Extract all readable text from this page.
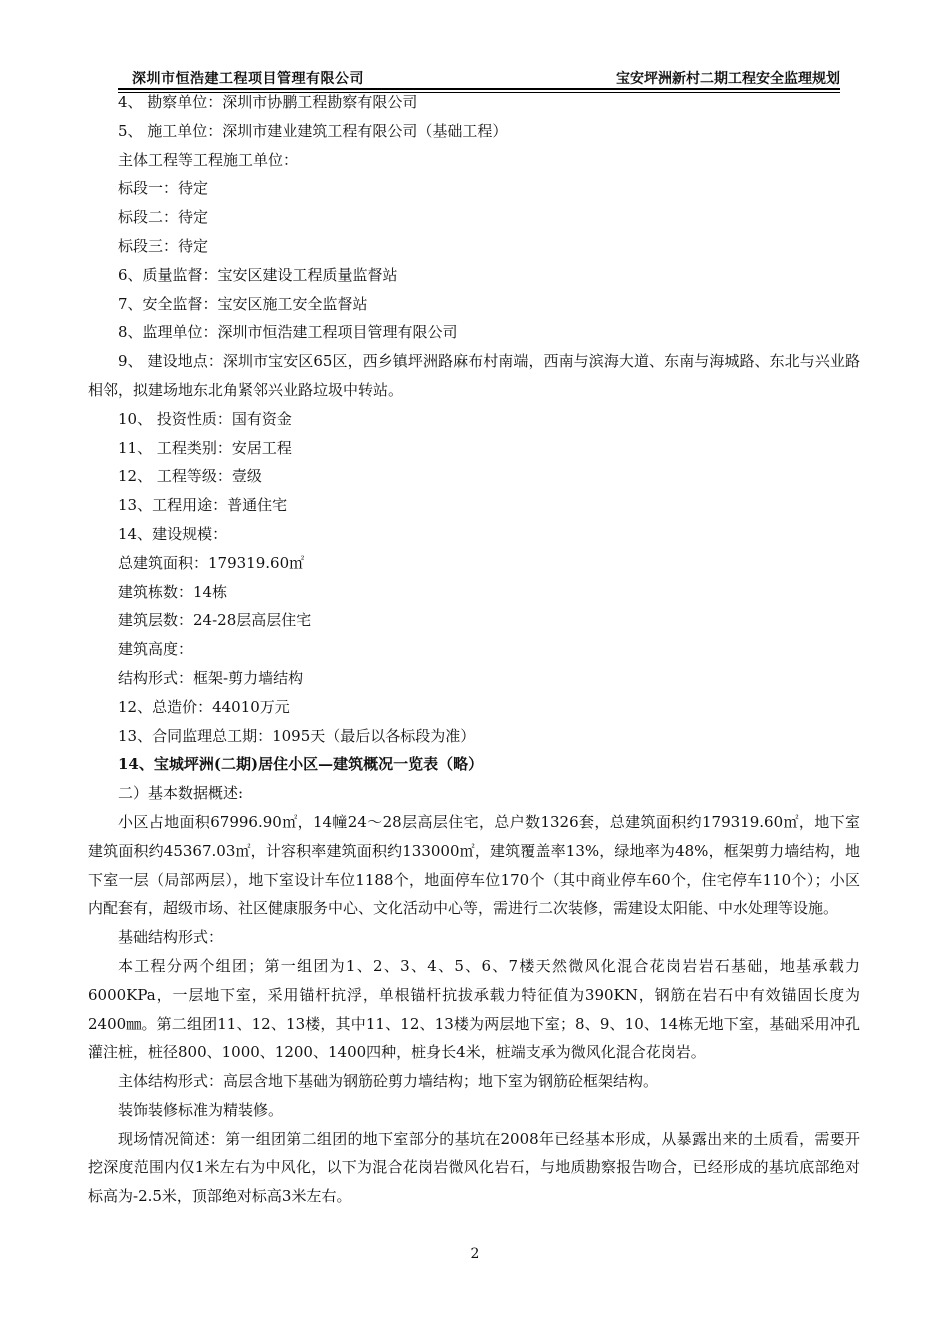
深圳市恒浩建工程项目管理有限公司	宝安坪洲新村二期工程安全监理规划
4、 勘察单位：深圳市协鹏工程勘察有限公司
5、 施工单位：深圳市建业建筑工程有限公司（基础工程）
主体工程等工程施工单位：
标段一：待定
标段二：待定
标段三：待定
6、质量监督：宝安区建设工程质量监督站
7、安全监督：宝安区施工安全监督站
8、监理单位：深圳市恒浩建工程项目管理有限公司
9、 建设地点：深圳市宝安区65区，西乡镇坪洲路麻布村南端，西南与滨海大道、东南与海城路、东北与兴业路相邻，拟建场地东北角紧邻兴业路垃圾中转站。
10、 投资性质：国有资金
11、 工程类别：安居工程
12、 工程等级：壹级
13、工程用途：普通住宅
14、建设规模：
总建筑面积：179319.60㎡
建筑栋数：14栋
建筑层数：24-28层高层住宅
建筑高度：
结构形式：框架-剪力墙结构
12、总造价：44010万元
13、合同监理总工期：1095天（最后以各标段为准）
14、宝城坪洲(二期)居住小区—建筑概况一览表（略）
二）基本数据概述:
小区占地面积67996.90㎡，14幢24～28层高层住宅，总户数1326套，总建筑面积约179319.60㎡，地下室建筑面积约45367.03㎡，计容积率建筑面积约133000㎡，建筑覆盖率13%，绿地率为48%，框架剪力墙结构，地下室一层（局部两层），地下室设计车位1188个，地面停车位170个（其中商业停车60个，住宅停车110个）；小区内配套有，超级市场、社区健康服务中心、文化活动中心等，需进行二次装修，需建设太阳能、中水处理等设施。
基础结构形式：
本工程分两个组团；第一组团为1、2、3、4、5、6、7楼天然微风化混合花岗岩岩石基础，地基承载力6000KPa，一层地下室，采用锚杆抗浮，单根锚杆抗拔承载力特征值为390KN，钢筋在岩石中有效锚固长度为2400㎜。第二组团11、12、13楼，其中11、12、13楼为两层地下室；8、9、10、14栋无地下室，基础采用冲孔灌注桩，桩径800、1000、1200、1400四种，桩身长4米，桩端支承为微风化混合花岗岩。
主体结构形式：高层含地下基础为钢筋砼剪力墙结构；地下室为钢筋砼框架结构。
装饰装修标准为精装修。
现场情况简述：第一组团第二组团的地下室部分的基坑在2008年已经基本形成，从暴露出来的土质看，需要开挖深度范围内仅1米左右为中风化，以下为混合花岗岩微风化岩石，与地质勘察报告吻合，已经形成的基坑底部绝对标高为-2.5米，顶部绝对标高3米左右。
2
